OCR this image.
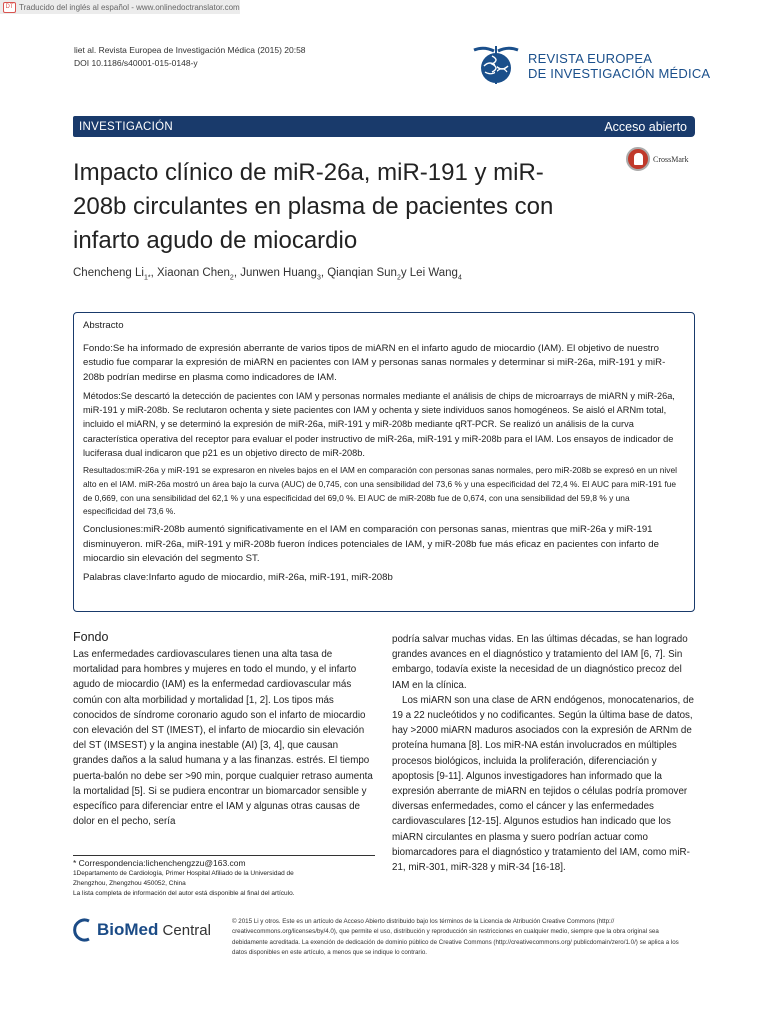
DT Traducido del inglés al español - www.onlinedoctranslator.com
liet al. Revista Europea de Investigación Médica (2015) 20:58
DOI 10.1186/s40001-015-0148-y	REVISTA EUROPEA
DE INVESTIGACIÓN MÉDICA
INVESTIGACIÓN	Acceso abierto
CrossMark
Impacto clínico de miR-26a, miR-191 y miR-208b circulantes en plasma de pacientes con infarto agudo de miocardio
Chencheng $Li_{1*}$, Xiaonan Chen$_2$, Junwen Huang$_3$, Qianqian Sun$_2$y Lei Wang$_4$

Abstracto

Fondo:Se ha informado de expresión aberrante de varios tipos de miARN en el infarto agudo de miocardio (IAM). El objetivo de nuestro estudio fue comparar la expresión de miARN en pacientes con IAM y personas sanas normales y determinar si miR-26a, miR-191 y miR-208b podrían medirse en plasma como indicadores de IAM.

Métodos:Se descartó la detección de pacientes con IAM y personas normales mediante el análisis de chips de microarrays de miARN y miR-26a, miR-191 y miR-208b. Se reclutaron ochenta y siete pacientes con IAM y ochenta y siete individuos sanos homogéneos. Se aisló el ARNm total, incluido el miARN, y se determinó la expresión de miR-26a, miR-191 y miR-208b mediante qRT-PCR. Se realizó un análisis de la curva característica operativa del receptor para evaluar el poder instructivo de miR-26a, miR-191 y miR-208b para el IAM. Los ensayos de indicador de luciferasa dual indicaron que p21 es un objetivo directo de miR-208b.

Resultados:miR-26a y miR-191 se expresaron en niveles bajos en el IAM en comparación con personas sanas normales, pero miR-208b se expresó en un nivel alto en el IAM. miR-26a mostró un área bajo la curva (AUC) de 0,745, con una sensibilidad del 73,6 % y una especificidad del 72,4 %. El AUC para miR-191 fue de 0,669, con una sensibilidad del 62,1 % y una especificidad del 69,0 %. El AUC de miR-208b fue de 0,674, con una sensibilidad del 59,8 % y una especificidad del 73,6 %.

Conclusiones:miR-208b aumentó significativamente en el IAM en comparación con personas sanas, mientras que miR-26a y miR-191 disminuyeron. miR-26a, miR-191 y miR-208b fueron índices potenciales de IAM, y miR-208b fue más eficaz en pacientes con infarto de miocardio sin elevación del segmento ST.

Palabras clave:Infarto agudo de miocardio, miR-26a, miR-191, miR-208b

Fondo

Las enfermedades cardiovasculares tienen una alta tasa de mortalidad para hombres y mujeres en todo el mundo, y el infarto agudo de miocardio (IAM) es la enfermedad cardiovascular más común con alta morbilidad y mortalidad [1, 2]. Los tipos más conocidos de síndrome coronario agudo son el infarto de miocardio con elevación del ST (IMEST), el infarto de miocardio sin elevación del ST (IMSEST) y la angina inestable (AI) [3, 4], que causan grandes daños a la salud humana y a las finanzas. estrés. El tiempo puerta-balón no debe ser >90 min, porque cualquier retraso aumenta la mortalidad [5]. Si se pudiera encontrar un biomarcador sensible y específico para diferenciar entre el IAM y algunas otras causas de dolor en el pecho, sería

podría salvar muchas vidas. En las últimas décadas, se han logrado grandes avances en el diagnóstico y tratamiento del IAM [6, 7]. Sin embargo, todavía existe la necesidad de un diagnóstico precoz del IAM en la clínica.

Los miARN son una clase de ARN endógenos, monocatenarios, de 19 a 22 nucleótidos y no codificantes. Según la última base de datos, hay >2000 miARN maduros asociados con la expresión de ARNm de proteína humana [8]. Los miR-NA están involucrados en múltiples procesos biológicos, incluida la proliferación, diferenciación y apoptosis [9-11]. Algunos investigadores han informado que la expresión aberrante de miARN en tejidos o células podría promover diversas enfermedades, como el cáncer y las enfermedades cardiovasculares [12-15]. Algunos estudios han indicado que los miARN circulantes en plasma y suero podrían actuar como biomarcadores para el diagnóstico y tratamiento del IAM, como miR-21, miR-301, miR-328 y miR-34 [16-18].

* Correspondencia:lichenchengzzu@163.com
1Departamento de Cardiología, Primer Hospital Afiliado de la Universidad de
Zhengzhou, Zhengzhou 450052, China
La lista completa de información del autor está disponible al final del artículo.
BioMed Central
© 2015 Li y otros. Este es un artículo de Acceso Abierto distribuido bajo los términos de la Licencia de Atribución Creative Commons (http:// creativecommons.org/licenses/by/4.0), que permite el uso, distribución y reproducción sin restricciones en cualquier medio, siempre que la obra original sea debidamente acreditada. La exención de dedicación de dominio público de Creative Commons (http://creativecommons.org/ publicdomain/zero/1.0/) se aplica a los datos disponibles en este artículo, a menos que se indique lo contrario.
